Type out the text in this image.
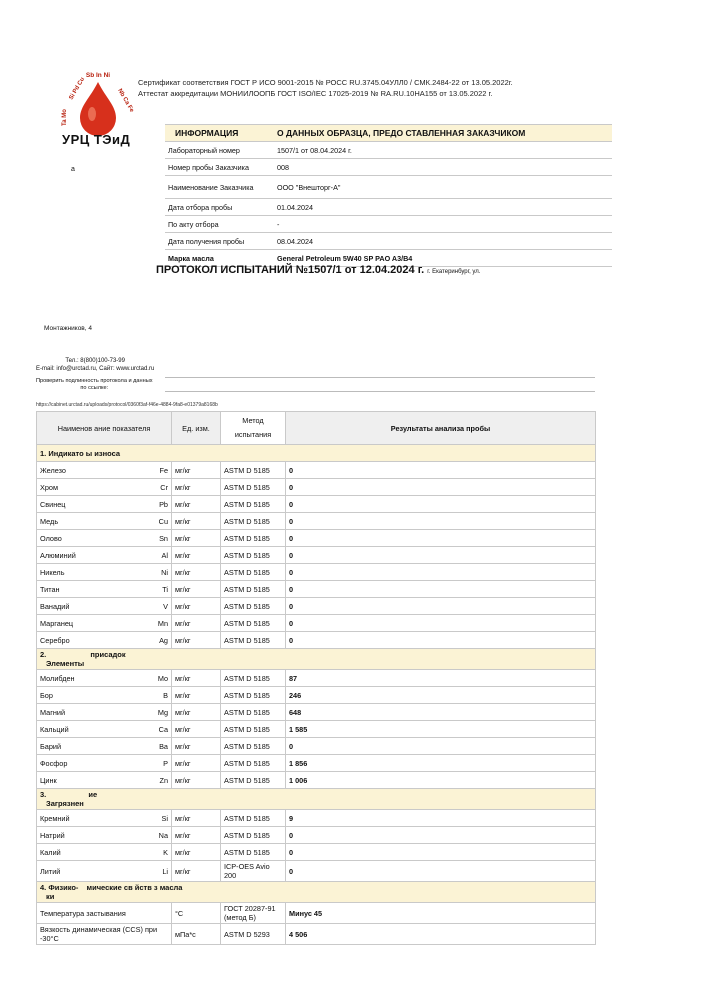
Sb In Ni
Si Pd Cu	Nb Ca Fe
Ta Mo
УРЦ ТЭиД
Сертификат соответствия ГОСТ Р ИСО 9001-2015 № РОСС RU.3745.04УЛЛ0 / СМК.2484-22 от 13.05.2022г.
Аттестат аккредитации МОНИИЛООПБ ГОСТ ISO/IEC 17025-2019 № RA.RU.10НА155 от 13.05.2022 г.
а
ИНФОРМАЦИЯ	О ДАННЫХ ОБРАЗЦА, ПРЕДО СТАВЛЕННАЯ ЗАКАЗЧИКОМ
Лабораторный номер	1507/1 от 08.04.2024 г.
Номер пробы Заказчика	008
Наименование Заказчика	ООО "Внешторг-А"
Дата отбора пробы	01.04.2024
По акту отбора	-
Дата получения пробы	08.04.2024
Марка масла	General Petroleum 5W40 SP PAO A3/B4
ПРОТОКОЛ ИСПЫТАНИЙ №1507/1 от 12.04.2024 г. г. Екатеринбург, ул.
Монтажников, 4
Тел.: 8(800)100-73-99
E-mail: info@urctad.ru, Сайт: www.urctad.ru
Проверить подлинность протокола и данных
по ссылке:
https://cabinet.urctad.ru/uploads/protocol/0360f3af-f46e-4884-9fa8-e01379a8168b
Наименов ание показателя		Ед. изм.	Метод
испытания	Результаты анализа пробы
1. Индикато ы износа				
Железо	Fe	мг/кг	ASTM D 5185	0
Хром	Cr	мг/кг	ASTM D 5185	0
Свинец	Pb	мг/кг	ASTM D 5185	0
Медь	Cu	мг/кг	ASTM D 5185	0
Олово	Sn	мг/кг	ASTM D 5185	0
Алюминий	Al	мг/кг	ASTM D 5185	0
Никель	Ni	мг/кг	ASTM D 5185	0
Титан	Ti	мг/кг	ASTM D 5185	0
Ванадий	V	мг/кг	ASTM D 5185	0
Марганец	Mn	мг/кг	ASTM D 5185	0
Серебро	Ag	мг/кг	ASTM D 5185	0
2. присадок
Элементы				
Молибден	Mo	мг/кг	ASTM D 5185	87
Бор	B	мг/кг	ASTM D 5185	246
Магний	Mg	мг/кг	ASTM D 5185	648
Кальций	Ca	мг/кг	ASTM D 5185	1 585
Барий	Ba	мг/кг	ASTM D 5185	0
Фосфор	P	мг/кг	ASTM D 5185	1 856
Цинк	Zn	мг/кг	ASTM D 5185	1 006
3. ие
Загрязнен				
Кремний	Si	мг/кг	ASTM D 5185	9
Натрий	Na	мг/кг	ASTM D 5185	0
Калий	K	мг/кг	ASTM D 5185	0
Литий	Li	мг/кг	ICP-OES Avio 200	0
4. Физико- мические св йств з масла
ки				
Температура застывания		°С	ГОСТ 20287-91 (метод Б)	Минус 45
Вязкость динамическая (CCS) при -30°С		мПа*с	ASTM D 5293	4 506
